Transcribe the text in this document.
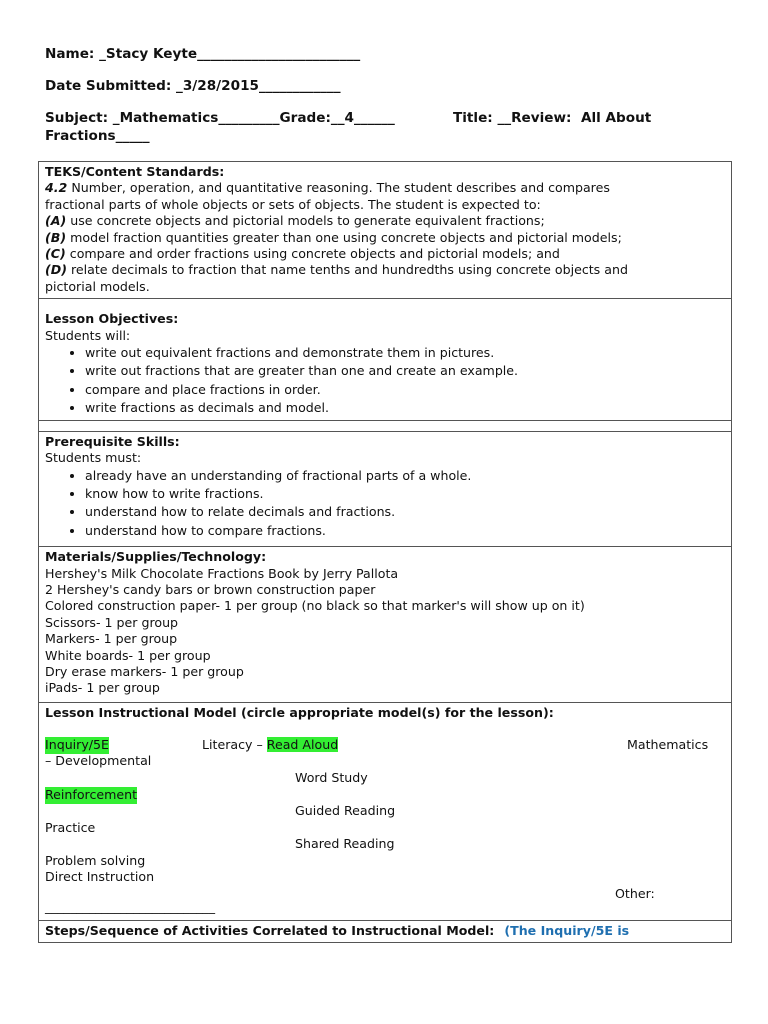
Name: _Stacy Keyte________________________
Date Submitted: _3/28/2015____________
Subject: _Mathematics_________Grade:__4______	Title: __Review:  All About
Fractions_____
TEKS/Content Standards:
4.2 Number, operation, and quantitative reasoning. The student describes and compares
fractional parts of whole objects or sets of objects. The student is expected to:
(A) use concrete objects and pictorial models to generate equivalent fractions;
(B) model fraction quantities greater than one using concrete objects and pictorial models;
(C) compare and order fractions using concrete objects and pictorial models; and
(D) relate decimals to fraction that name tenths and hundredths using concrete objects and
pictorial models.
Lesson Objectives:
Students will:
• write out equivalent fractions and demonstrate them in pictures.
• write out fractions that are greater than one and create an example.
• compare and place fractions in order.
• write fractions as decimals and model.
Prerequisite Skills:
Students must:
• already have an understanding of fractional parts of a whole.
• know how to write fractions.
• understand how to relate decimals and fractions.
• understand how to compare fractions.
Materials/Supplies/Technology:
Hershey's Milk Chocolate Fractions Book by Jerry Pallota
2 Hershey's candy bars or brown construction paper
Colored construction paper- 1 per group (no black so that marker's will show up on it)
Scissors- 1 per group
Markers- 1 per group
White boards- 1 per group
Dry erase markers- 1 per group
iPads- 1 per group
Lesson Instructional Model (circle appropriate model(s) for the lesson):
Inquiry/5E	Literacy – Read Aloud	Mathematics
– Developmental
Word Study
Reinforcement
Guided Reading
Practice
Shared Reading
Problem solving
Direct Instruction
Other:
___________________________
Steps/Sequence of Activities Correlated to Instructional Model: (The Inquiry/5E is
